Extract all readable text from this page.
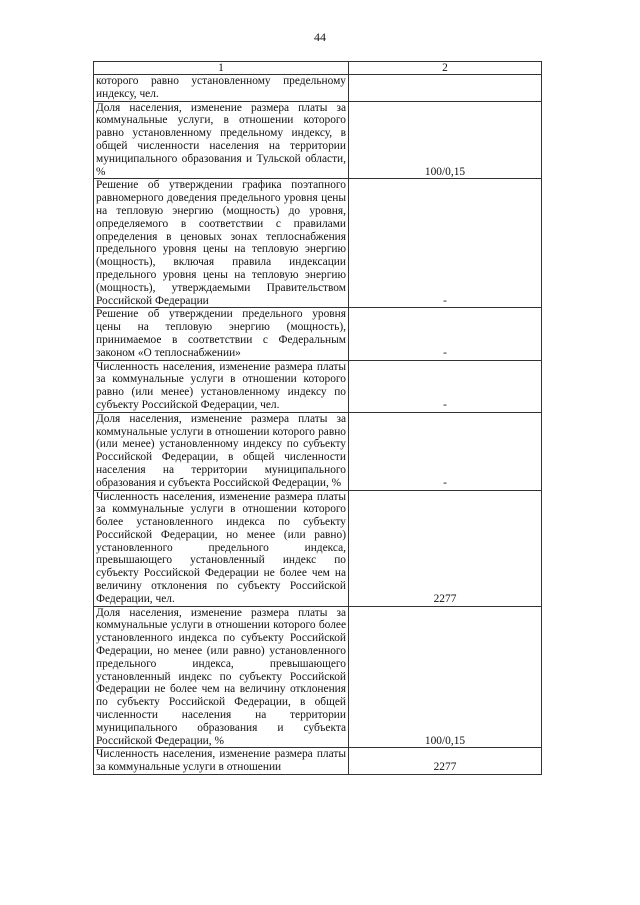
44
1	2
которого равно установленному предельному индексу, чел.	
Доля населения, изменение размера платы за коммунальные услуги, в отношении которого равно установленному предельному индексу, в общей численности населения на территории муниципального образования и Тульской области, %	100/0,15
Решение об утверждении графика поэтапного равномерного доведения предельного уровня цены на тепловую энергию (мощность) до уровня, определяемого в соответствии с правилами определения в ценовых зонах теплоснабжения предельного уровня цены на тепловую энергию (мощность), включая правила индексации предельного уровня цены на тепловую энергию (мощность), утверждаемыми Правительством Российской Федерации	-
Решение об утверждении предельного уровня цены на тепловую энергию (мощность), принимаемое в соответствии с Федеральным законом «О теплоснабжении»	-
Численность населения, изменение размера платы за коммунальные услуги в отношении которого равно (или менее) установленному индексу по субъекту Российской Федерации, чел.	-
Доля населения, изменение размера платы за коммунальные услуги в отношении которого равно (или менее) установленному индексу по субъекту Российской Федерации, в общей численности населения на территории муниципального образования и субъекта Российской Федерации, %	-
Численность населения, изменение размера платы за коммунальные услуги в отношении которого более установленного индекса по субъекту Российской Федерации, но менее (или равно) установленного предельного индекса, превышающего установленный индекс по субъекту Российской Федерации не более чем на величину отклонения по субъекту Российской Федерации, чел.	2277
Доля населения, изменение размера платы за коммунальные услуги в отношении которого более установленного индекса по субъекту Российской Федерации, но менее (или равно) установленного предельного индекса, превышающего установленный индекс по субъекту Российской Федерации не более чем на величину отклонения по субъекту Российской Федерации, в общей численности населения на территории муниципального образования и субъекта Российской Федерации, %	100/0,15
Численность населения, изменение размера платы за коммунальные услуги в отношении	2277
